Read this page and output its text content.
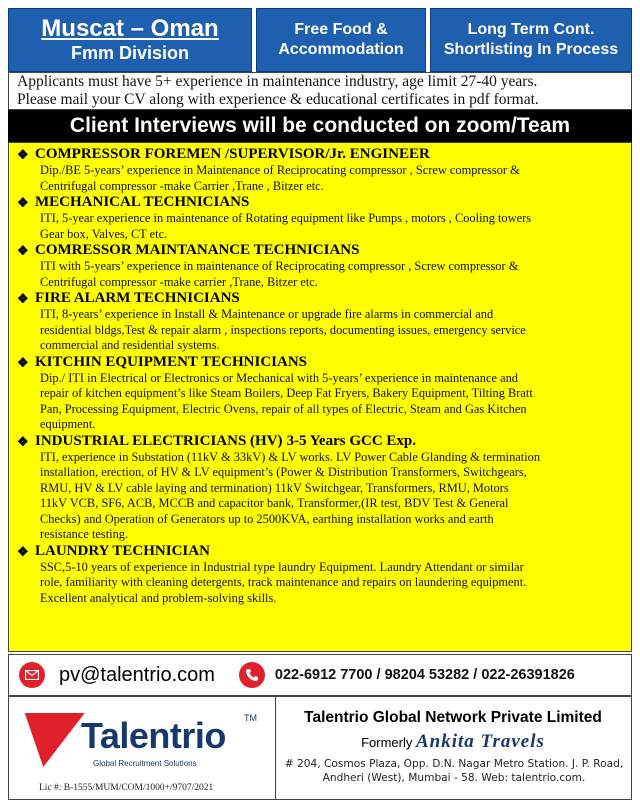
Muscat – Oman
Fmm Division
Free Food &
Accommodation
Long Term Cont.
Shortlisting In Process
Applicants must have 5+ experience in maintenance industry, age limit 27-40 years.
Please mail your CV along with experience & educational certificates in pdf format.
Client Interviews will be conducted on zoom/Team
❖ COMPRESSOR FOREMEN /SUPERVISOR/Jr. ENGINEER
Dip./BE 5-years’ experience in Maintenance of Reciprocating compressor , Screw compressor &
Centrifugal compressor -make Carrier ,Trane , Bitzer etc.
❖ MECHANICAL TECHNICIANS
ITI, 5-year experience in maintenance of Rotating equipment like Pumps , motors , Cooling towers
Gear box, Valves, CT etc.
❖ COMRESSOR MAINTANANCE TECHNICIANS
ITI with 5-years’ experience in maintenance of Reciprocating compressor , Screw compressor &
Centrifugal compressor -make carrier ,Trane, Bitzer etc.
❖ FIRE ALARM TECHNICIANS
ITI, 8-years’ experience in Install & Maintenance or upgrade fire alarms in commercial and
residential bldgs,Test & repair alarm , inspections reports, documenting issues, emergency service
commercial and residential systems.
❖ KITCHIN EQUIPMENT TECHNICIANS
Dip./ ITI in Electrical or Electronics or Mechanical with 5-years’ experience in maintenance and
repair of kitchen equipment’s like Steam Boilers, Deep Fat Fryers, Bakery Equipment, Tilting Bratt
Pan, Processing Equipment, Electric Ovens, repair of all types of Electric, Steam and Gas Kitchen
equipment.
❖ INDUSTRIAL ELECTRICIANS (HV) 3-5 Years GCC Exp.
ITI, experience in Substation (11kV & 33kV) & LV works. LV Power Cable Glanding & termination
installation, erection, of HV & LV equipment’s (Power & Distribution Transformers, Switchgears,
RMU, HV & LV cable laying and termination) 11kV Switchgear, Transformers, RMU, Motors
11kV VCB, SF6, ACB, MCCB and capacitor bank, Transformer,(IR test, BDV Test & General
Checks) and Operation of Generators up to 2500KVA, earthing installation works and earth
resistance testing.
❖ LAUNDRY TECHNICIAN
SSC,5-10 years of experience in Industrial type laundry Equipment. Laundry Attendant or similar
role, familiarity with cleaning detergents, track maintenance and repairs on laundering equipment.
Excellent analytical and problem-solving skills.
pv@talentrio.com	022-6912 7700 / 98204 53282 / 022-26391826
Talentrio TM
Global Recruitment Solutions
Lic #: B-1555/MUM/COM/1000+/9707/2021
Talentrio Global Network Private Limited
Formerly Ankita Travels
# 204, Cosmos Plaza, Opp. D.N. Nagar Metro Station. J. P. Road,
Andheri (West), Mumbai - 58. Web: talentrio.com.
